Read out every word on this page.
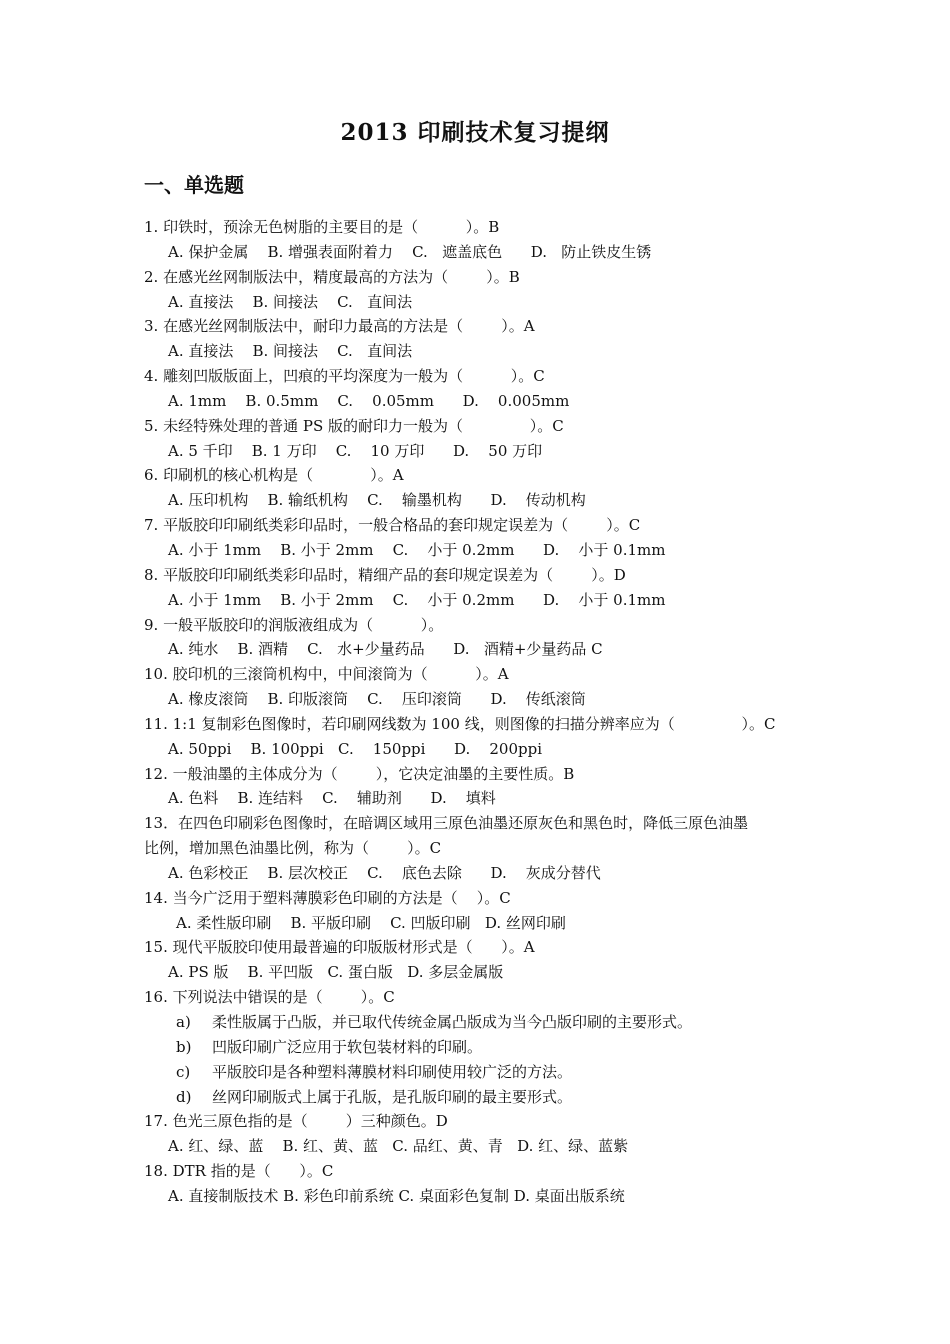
2013 印刷技术复习提纲
一、单选题
1. 印铁时，预涂无色树脂的主要目的是（          ）。B
A. 保护金属    B. 增强表面附着力    C.   遮盖底色      D.   防止铁皮生锈
2. 在感光丝网制版法中，精度最高的方法为（        ）。B
A. 直接法    B. 间接法    C.   直间法
3. 在感光丝网制版法中，耐印力最高的方法是（        ）。A
A. 直接法    B. 间接法    C.   直间法
4. 雕刻凹版版面上，凹痕的平均深度为一般为（          ）。C
A. 1mm    B. 0.5mm    C.    0.05mm      D.    0.005mm
5. 未经特殊处理的普通 PS 版的耐印力一般为（              ）。C
A. 5 千印    B. 1 万印    C.    10 万印      D.    50 万印
6. 印刷机的核心机构是（            ）。A
A. 压印机构    B. 输纸机构    C.    输墨机构      D.    传动机构
7. 平版胶印印刷纸类彩印品时，一般合格品的套印规定误差为（        ）。C
A. 小于 1mm    B. 小于 2mm    C.    小于 0.2mm      D.    小于 0.1mm
8. 平版胶印印刷纸类彩印品时，精细产品的套印规定误差为（        ）。D
A. 小于 1mm    B. 小于 2mm    C.    小于 0.2mm      D.    小于 0.1mm
9. 一般平版胶印的润版液组成为（          ）。
A. 纯水    B. 酒精    C.   水+少量药品      D.   酒精+少量药品 C
10. 胶印机的三滚筒机构中，中间滚筒为（          ）。A
A. 橡皮滚筒    B. 印版滚筒    C.    压印滚筒      D.    传纸滚筒
11. 1:1 复制彩色图像时，若印刷网线数为 100 线，则图像的扫描分辨率应为（              ）。C
A. 50ppi    B. 100ppi   C.    150ppi      D.    200ppi
12. 一般油墨的主体成分为（        ），它决定油墨的主要性质。B
A. 色料    B. 连结料    C.    辅助剂      D.    填料
13．在四色印刷彩色图像时，在暗调区域用三原色油墨还原灰色和黑色时，降低三原色油墨
比例，增加黑色油墨比例，称为（        ）。C
A. 色彩校正    B. 层次校正    C.    底色去除      D.    灰成分替代
14. 当今广泛用于塑料薄膜彩色印刷的方法是（    ）。C
A. 柔性版印刷    B. 平版印刷    C. 凹版印刷   D. 丝网印刷
15. 现代平版胶印使用最普遍的印版版材形式是（      ）。A
A. PS 版    B. 平凹版   C. 蛋白版   D. 多层金属版
16. 下列说法中错误的是（        ）。C
a) 柔性版属于凸版，并已取代传统金属凸版成为当今凸版印刷的主要形式。
b) 凹版印刷广泛应用于软包装材料的印刷。
c) 平版胶印是各种塑料薄膜材料印刷使用较广泛的方法。
d) 丝网印刷版式上属于孔版，是孔版印刷的最主要形式。
17. 色光三原色指的是（        ）三种颜色。D
A. 红、绿、蓝    B. 红、黄、蓝   C. 品红、黄、青   D. 红、绿、蓝紫
18. DTR 指的是（      ）。C
A. 直接制版技术 B. 彩色印前系统 C. 桌面彩色复制 D. 桌面出版系统
